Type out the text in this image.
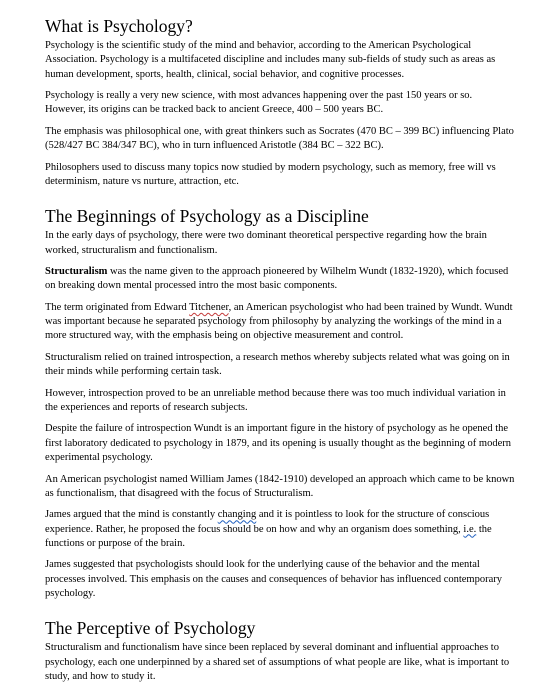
What is Psychology?

Psychology is the scientific study of the mind and behavior, according to the American Psychological Association. Psychology is a multifaceted discipline and includes many sub-fields of study such as areas as human development, sports, health, clinical, social behavior, and cognitive processes.

Psychology is really a very new science, with most advances happening over the past 150 years or so. However, its origins can be tracked back to ancient Greece, 400 – 500 years BC.

The emphasis was philosophical one, with great thinkers such as Socrates (470 BC – 399 BC) influencing Plato (528/427 BC 384/347 BC), who in turn influenced Aristotle (384 BC – 322 BC).

Philosophers used to discuss many topics now studied by modern psychology, such as memory, free will vs determinism, nature vs nurture, attraction, etc.

The Beginnings of Psychology as a Discipline

In the early days of psychology, there were two dominant theoretical perspective regarding how the brain worked, structuralism and functionalism.

Structuralism was the name given to the approach pioneered by Wilhelm Wundt (1832-1920), which focused on breaking down mental processed intro the most basic components.

The term originated from Edward Titchener, an American psychologist who had been trained by Wundt. Wundt was important because he separated psychology from philosophy by analyzing the workings of the mind in a more structured way, with the emphasis being on objective measurement and control.

Structuralism relied on trained introspection, a research methos whereby subjects related what was going on in their minds while performing certain task.

However, introspection proved to be an unreliable method because there was too much individual variation in the experiences and reports of research subjects.

Despite the failure of introspection Wundt is an important figure in the history of psychology as he opened the first laboratory dedicated to psychology in 1879, and its opening is usually thought as the beginning of modern experimental psychology.

An American psychologist named William James (1842-1910) developed an approach which came to be known as functionalism, that disagreed with the focus of Structuralism.

James argued that the mind is constantly changing and it is pointless to look for the structure of conscious experience. Rather, he proposed the focus should be on how and why an organism does something, i.e. the functions or purpose of the brain.

James suggested that psychologists should look for the underlying cause of the behavior and the mental processes involved. This emphasis on the causes and consequences of behavior has influenced contemporary psychology.

The Perceptive of Psychology

Structuralism and functionalism have since been replaced by several dominant and influential approaches to psychology, each one underpinned by a shared set of assumptions of what people are like, what is important to study, and how to study it.
